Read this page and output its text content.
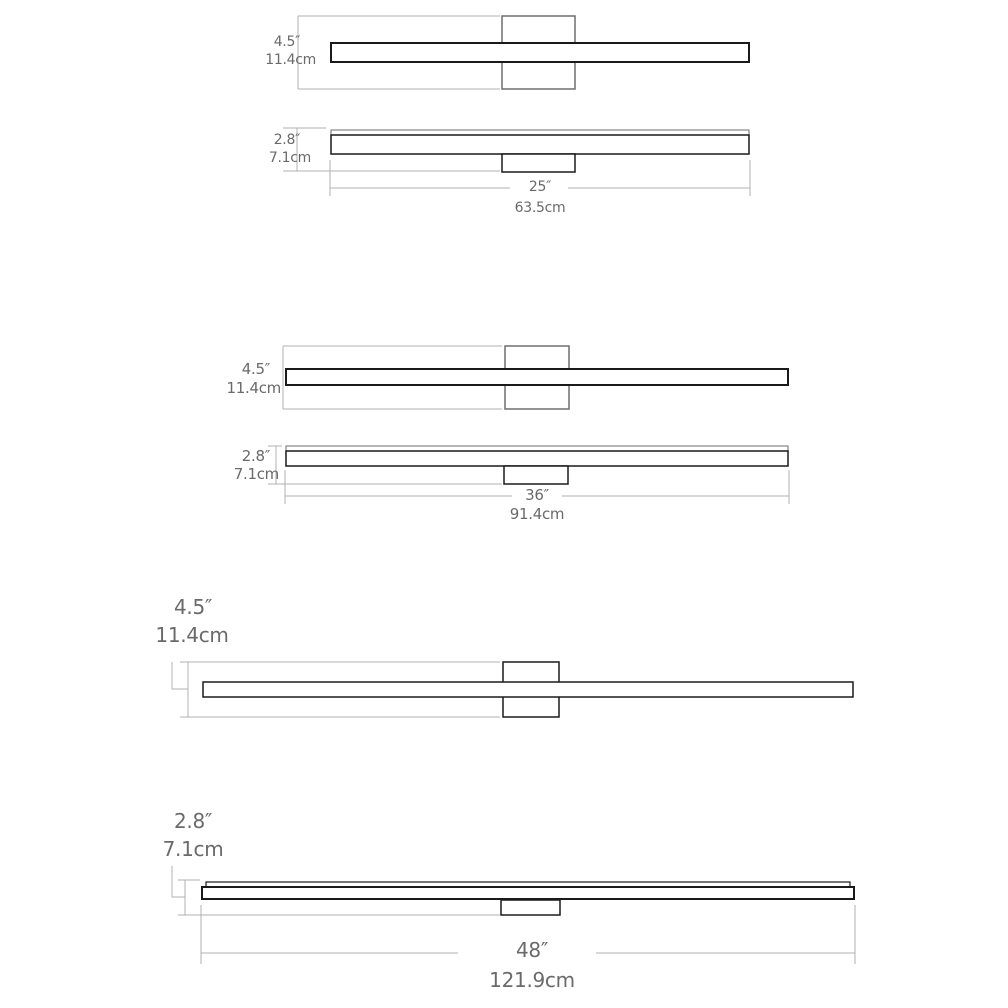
4.5″
11.4cm
2.8″
7.1cm
25″
63.5cm
4.5″
11.4cm
2.8″
7.1cm
36″
91.4cm
4.5″
11.4cm
2.8″
7.1cm
48″
121.9cm
